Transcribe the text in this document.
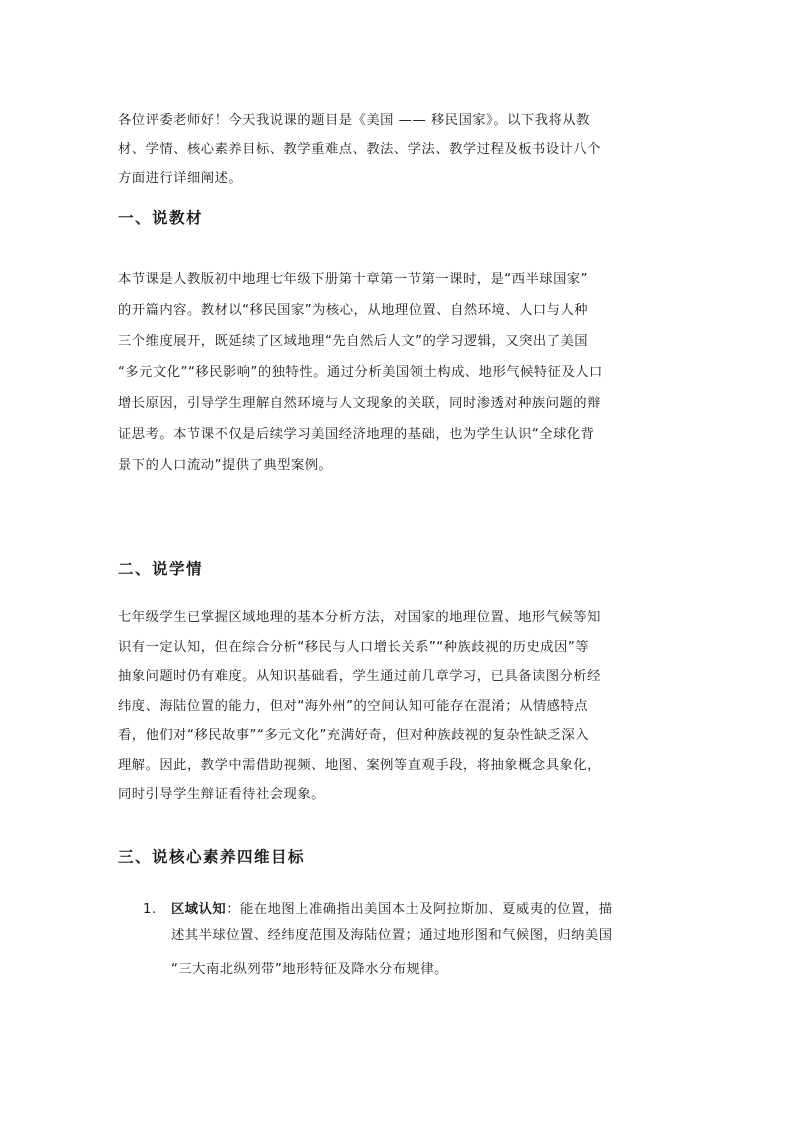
各位评委老师好！今天我说课的题目是《美国 —— 移民国家》。以下我将从教
材、学情、核心素养目标、教学重难点、教法、学法、教学过程及板书设计八个
方面进行详细阐述。
一、说教材
本节课是人教版初中地理七年级下册第十章第一节第一课时，是“西半球国家”
的开篇内容。教材以“移民国家”为核心，从地理位置、自然环境、人口与人种
三个维度展开，既延续了区域地理“先自然后人文”的学习逻辑，又突出了美国
“多元文化”“移民影响”的独特性。通过分析美国领土构成、地形气候特征及人口
增长原因，引导学生理解自然环境与人文现象的关联，同时渗透对种族问题的辩
证思考。本节课不仅是后续学习美国经济地理的基础，也为学生认识“全球化背
景下的人口流动”提供了典型案例。
二、说学情
七年级学生已掌握区域地理的基本分析方法，对国家的地理位置、地形气候等知
识有一定认知，但在综合分析“移民与人口增长关系”“种族歧视的历史成因”等
抽象问题时仍有难度。从知识基础看，学生通过前几章学习，已具备读图分析经
纬度、海陆位置的能力，但对“海外州”的空间认知可能存在混淆；从情感特点
看，他们对“移民故事”“多元文化”充满好奇，但对种族歧视的复杂性缺乏深入
理解。因此，教学中需借助视频、地图、案例等直观手段，将抽象概念具象化，
同时引导学生辩证看待社会现象。
三、说核心素养四维目标
1. 区域认知：能在地图上准确指出美国本土及阿拉斯加、夏威夷的位置，描
述其半球位置、经纬度范围及海陆位置；通过地形图和气候图，归纳美国
“三大南北纵列带”地形特征及降水分布规律。
